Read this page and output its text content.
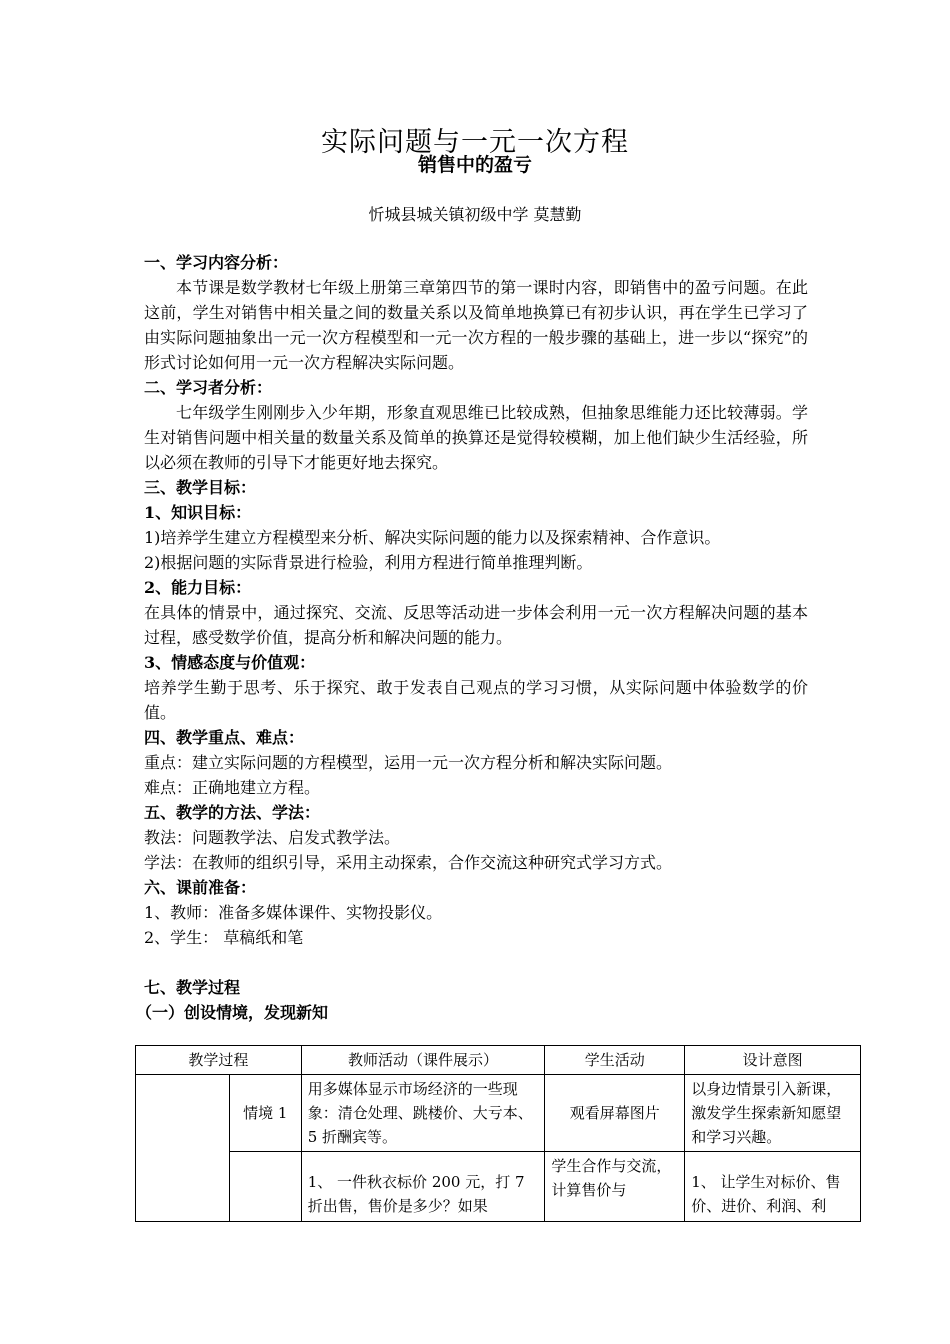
实际问题与一元一次方程
销售中的盈亏
忻城县城关镇初级中学 莫慧勤
一、学习内容分析：

本节课是数学教材七年级上册第三章第四节的第一课时内容，即销售中的盈亏问题。在此这前，学生对销售中相关量之间的数量关系以及简单地换算已有初步认识，再在学生已学习了由实际问题抽象出一元一次方程模型和一元一次方程的一般步骤的基础上，进一步以“探究”的形式讨论如何用一元一次方程解决实际问题。

二、学习者分析：

七年级学生刚刚步入少年期，形象直观思维已比较成熟，但抽象思维能力还比较薄弱。学生对销售问题中相关量的数量关系及简单的换算还是觉得较模糊，加上他们缺少生活经验，所以必须在教师的引导下才能更好地去探究。

三、教学目标：
1、知识目标：

1)培养学生建立方程模型来分析、解决实际问题的能力以及探索精神、合作意识。

2)根据问题的实际背景进行检验，利用方程进行简单推理判断。

2、能力目标：

在具体的情景中，通过探究、交流、反思等活动进一步体会利用一元一次方程解决问题的基本过程，感受数学价值，提高分析和解决问题的能力。

3、情感态度与价值观：

培养学生勤于思考、乐于探究、敢于发表自己观点的学习习惯，从实际问题中体验数学的价值。

四、教学重点、难点：

重点：建立实际问题的方程模型，运用一元一次方程分析和解决实际问题。

难点：正确地建立方程。

五、教学的方法、学法：

教法：问题教学法、启发式教学法。

学法：在教师的组织引导，采用主动探索，合作交流这种研究式学习方式。

六、课前准备：

1、教师：准备多媒体课件、实物投影仪。

2、学生： 草稿纸和笔

七、教学过程
（一）创设情境，发现新知
教学过程		教师活动（课件展示）	学生活动	设计意图
	情境 1	用多媒体显示市场经济的一些现象：清仓处理、跳楼价、大亏本、5 折酬宾等。	观看屏幕图片	以身边情景引入新课，激发学生探索新知愿望和学习兴趣。
		1、 一件秋衣标价 200 元，打 7 折出售，售价是多少？如果	学生合作与交流，计算售价与	1、 让学生对标价、售价、进价、利润、利
